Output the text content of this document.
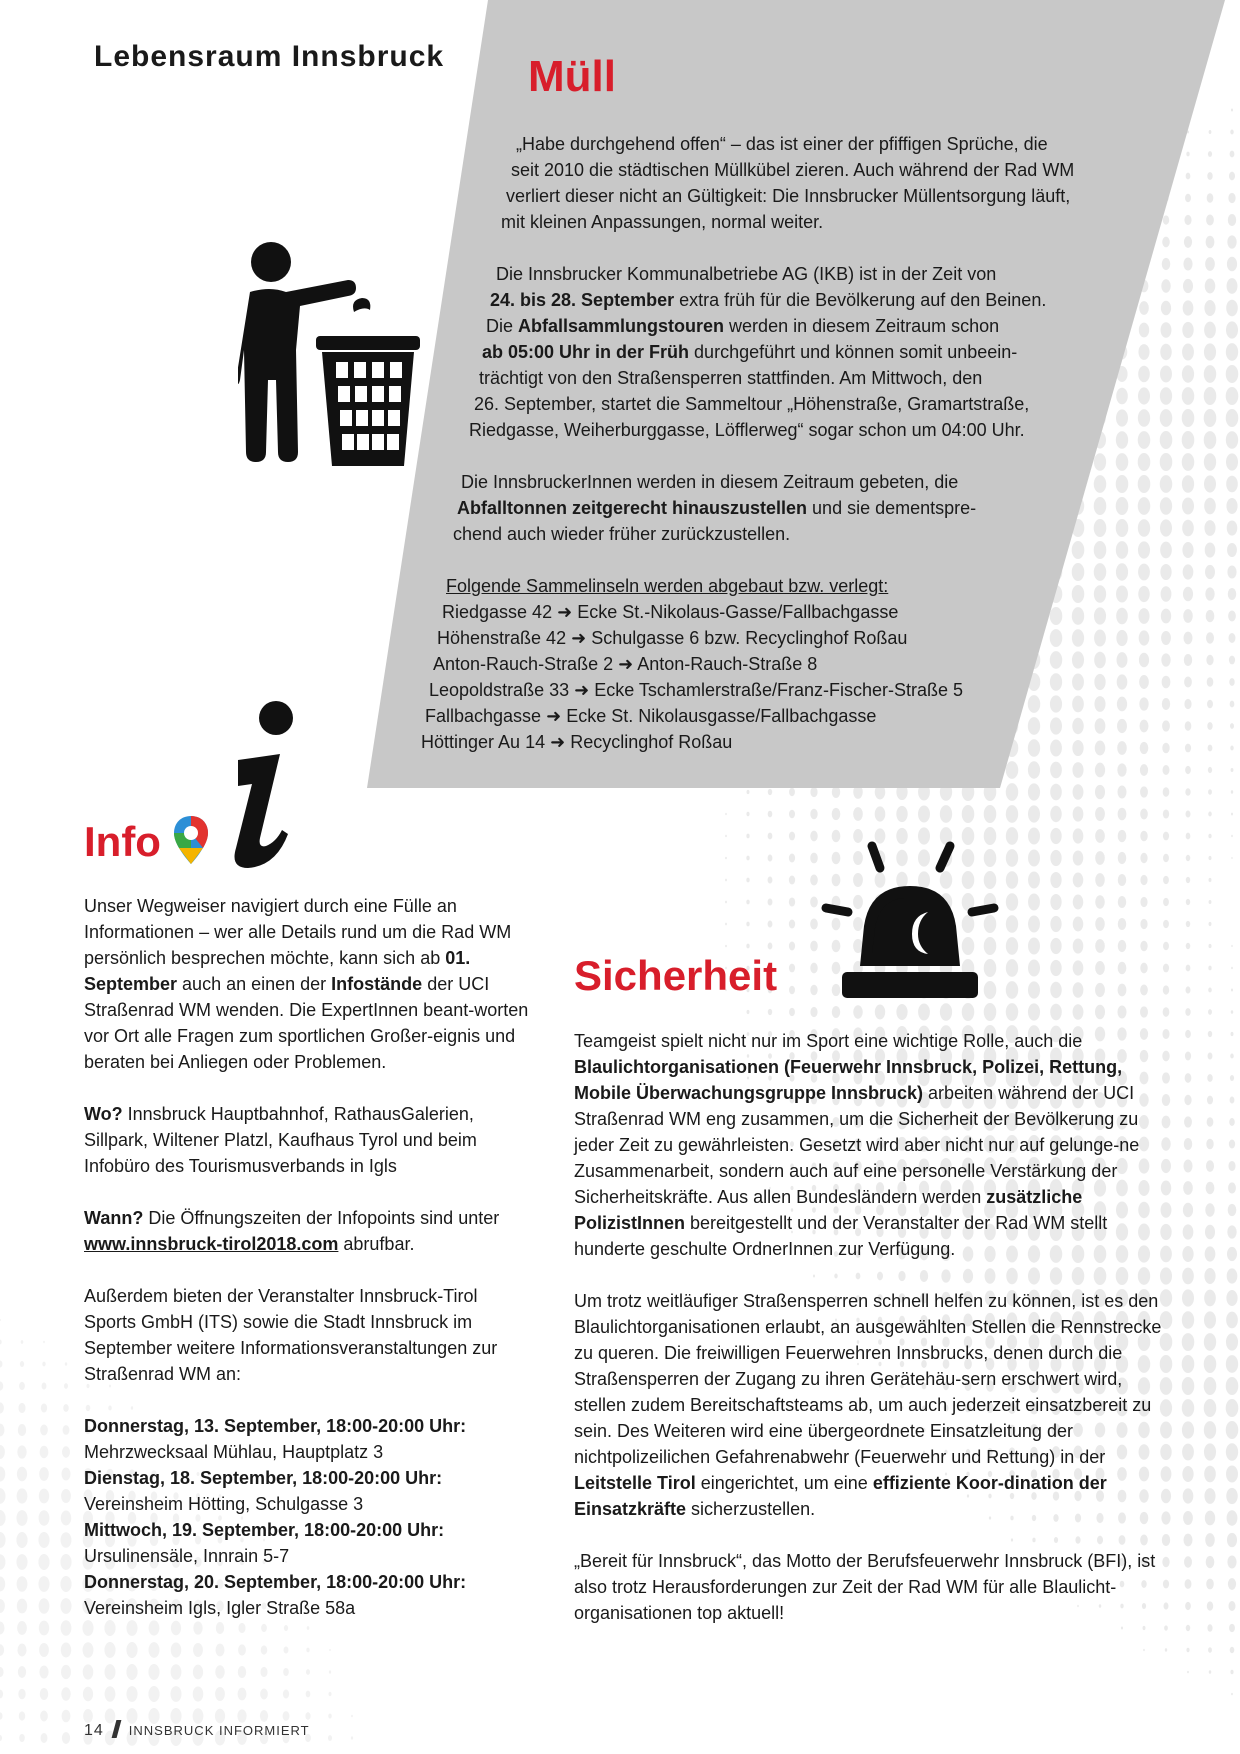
Lebensraum Innsbruck Müll
„Habe durchgehend offen“ – das ist einer der pfiffigen Sprüche, die
seit 2010 die städtischen Müllkübel zieren. Auch während der Rad WM
verliert dieser nicht an Gültigkeit: Die Innsbrucker Müllentsorgung läuft,
mit kleinen Anpassungen, normal weiter.
Die Innsbrucker Kommunalbetriebe AG (IKB) ist in der Zeit von
24. bis 28. September extra früh für die Bevölkerung auf den Beinen.
Die Abfallsammlungstouren werden in diesem Zeitraum schon
ab 05:00 Uhr in der Früh durchgeführt und können somit unbeein-
trächtigt von den Straßensperren stattfinden. Am Mittwoch, den
26. September, startet die Sammeltour „Höhenstraße, Gramartstraße,
Riedgasse, Weiherburggasse, Löfflerweg“ sogar schon um 04:00 Uhr.
Die InnsbruckerInnen werden in diesem Zeitraum gebeten, die
Abfalltonnen zeitgerecht hinauszustellen und sie dementspre-
chend auch wieder früher zurückzustellen.
Folgende Sammelinseln werden abgebaut bzw. verlegt:
Riedgasse 42 ➜ Ecke St.-Nikolaus-Gasse/Fallbachgasse
Höhenstraße 42 ➜ Schulgasse 6 bzw. Recyclinghof Roßau
Anton-Rauch-Straße 2 ➜ Anton-Rauch-Straße 8
Leopoldstraße 33 ➜ Ecke Tschamlerstraße/Franz-Fischer-Straße 5
Fallbachgasse ➜ Ecke St. Nikolausgasse/Fallbachgasse
Höttinger Au 14 ➜ Recyclinghof Roßau
Info

Unser Wegweiser navigiert durch eine Fülle an Informationen – wer alle Details rund um die Rad WM persönlich besprechen möchte, kann sich ab 01. September auch an einen der Infostände der UCI Straßenrad WM wenden. Die ExpertInnen beant-worten vor Ort alle Fragen zum sportlichen Großer-eignis und beraten bei Anliegen oder Problemen.

Wo? Innsbruck Hauptbahnhof, RathausGalerien, Sillpark, Wiltener Platzl, Kaufhaus Tyrol und beim Infobüro des Tourismusverbands in Igls

Wann? Die Öffnungszeiten der Infopoints sind unter www.innsbruck-tirol2018.com abrufbar.

Außerdem bieten der Veranstalter Innsbruck-Tirol Sports GmbH (ITS) sowie die Stadt Innsbruck im September weitere Informationsveranstaltungen zur Straßenrad WM an:

Donnerstag, 13. September, 18:00-20:00 Uhr:
Mehrzwecksaal Mühlau, Hauptplatz 3
Dienstag, 18. September, 18:00-20:00 Uhr:
Vereinsheim Hötting, Schulgasse 3
Mittwoch, 19. September, 18:00-20:00 Uhr:
Ursulinensäle, Innrain 5-7
Donnerstag, 20. September, 18:00-20:00 Uhr:
Vereinsheim Igls, Igler Straße 58a
Sicherheit

Teamgeist spielt nicht nur im Sport eine wichtige Rolle, auch die Blaulichtorganisationen (Feuerwehr Innsbruck, Polizei, Rettung, Mobile Überwachungsgruppe Innsbruck) arbeiten während der UCI Straßenrad WM eng zusammen, um die Sicherheit der Bevölkerung zu jeder Zeit zu gewährleisten. Gesetzt wird aber nicht nur auf gelunge-ne Zusammenarbeit, sondern auch auf eine personelle Verstärkung der Sicherheitskräfte. Aus allen Bundesländern werden zusätzliche PolizistInnen bereitgestellt und der Veranstalter der Rad WM stellt hunderte geschulte OrdnerInnen zur Verfügung.

Um trotz weitläufiger Straßensperren schnell helfen zu können, ist es den Blaulichtorganisationen erlaubt, an ausgewählten Stellen die Rennstrecke zu queren. Die freiwilligen Feuerwehren Innsbrucks, denen durch die Straßensperren der Zugang zu ihren Gerätehäu-sern erschwert wird, stellen zudem Bereitschaftsteams ab, um auch jederzeit einsatzbereit zu sein. Des Weiteren wird eine übergeordnete Einsatzleitung der nichtpolizeilichen Gefahrenabwehr (Feuerwehr und Rettung) in der Leitstelle Tirol eingerichtet, um eine effiziente Koor-dination der Einsatzkräfte sicherzustellen.

„Bereit für Innsbruck“, das Motto der Berufsfeuerwehr Innsbruck (BFI), ist also trotz Herausforderungen zur Zeit der Rad WM für alle Blaulicht-organisationen top aktuell!

14 INNSBRUCK INFORMIERT
